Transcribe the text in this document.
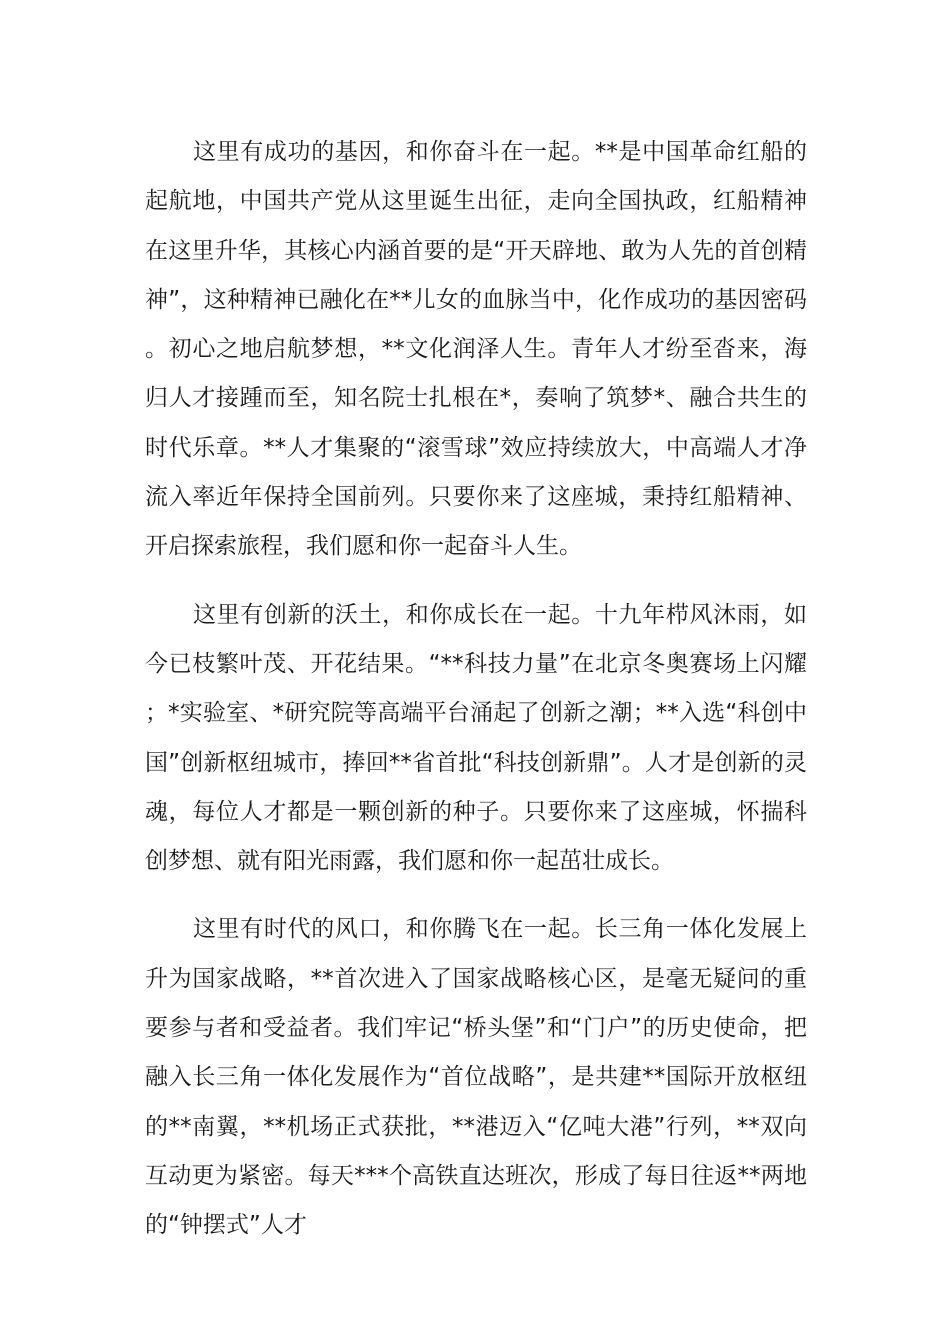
这里有成功的基因，和你奋斗在一起。**是中国革命红船的起航地，中国共产党从这里诞生出征，走向全国执政，红船精神在这里升华，其核心内涵首要的是“开天辟地、敢为人先的首创精神”，这种精神已融化在**儿女的血脉当中，化作成功的基因密码。初心之地启航梦想，**文化润泽人生。青年人才纷至沓来，海归人才接踵而至，知名院士扎根在*，奏响了筑梦*、融合共生的时代乐章。**人才集聚的“滚雪球”效应持续放大，中高端人才净流入率近年保持全国前列。只要你来了这座城，秉持红船精神、开启探索旅程，我们愿和你一起奋斗人生。

这里有创新的沃土，和你成长在一起。十九年栉风沐雨，如今已枝繁叶茂、开花结果。“**科技力量”在北京冬奥赛场上闪耀；*实验室、*研究院等高端平台涌起了创新之潮；**入选“科创中国”创新枢纽城市，捧回**省首批“科技创新鼎”。人才是创新的灵魂，每位人才都是一颗创新的种子。只要你来了这座城，怀揣科创梦想、就有阳光雨露，我们愿和你一起茁壮成长。

这里有时代的风口，和你腾飞在一起。长三角一体化发展上升为国家战略，**首次进入了国家战略核心区，是毫无疑问的重要参与者和受益者。我们牢记“桥头堡”和“门户”的历史使命，把融入长三角一体化发展作为“首位战略”，是共建**国际开放枢纽的**南翼，**机场正式获批，**港迈入“亿吨大港”行列，**双向互动更为紧密。每天***个高铁直达班次，形成了每日往返**两地的“钟摆式”人才
